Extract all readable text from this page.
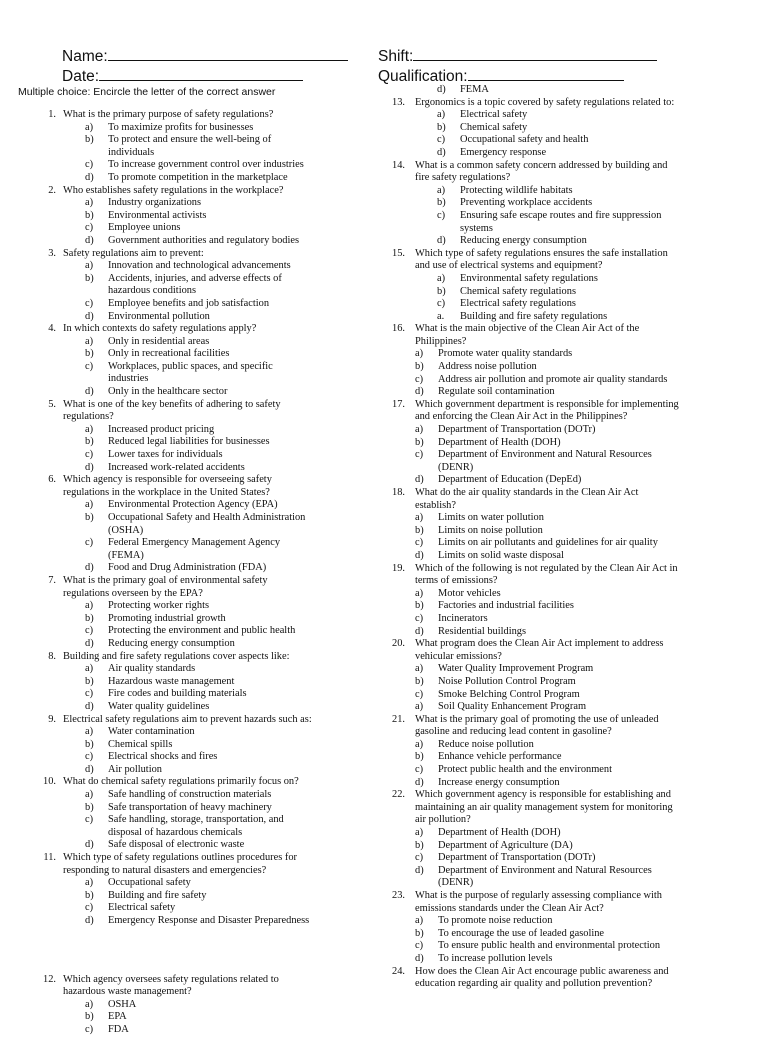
Name:	Shift:
Date:	Qualification:
Multiple choice: Encircle the letter of the correct answer
1. What is the primary purpose of safety regulations?
a)	To maximize profits for businesses
b)	To protect and ensure the well-being of individuals
c)	To increase government control over industries
d)	To promote competition in the marketplace
2. Who establishes safety regulations in the workplace?
a)	Industry organizations
b)	Environmental activists
c)	Employee unions
d)	Government authorities and regulatory bodies
3. Safety regulations aim to prevent:
a)	Innovation and technological advancements
b)	Accidents, injuries, and adverse effects of hazardous conditions
c)	Employee benefits and job satisfaction
d)	Environmental pollution
4. In which contexts do safety regulations apply?
a)	Only in residential areas
b)	Only in recreational facilities
c)	Workplaces, public spaces, and specific industries
d)	Only in the healthcare sector
5. What is one of the key benefits of adhering to safety regulations?
a)	Increased product pricing
b)	Reduced legal liabilities for businesses
c)	Lower taxes for individuals
d)	Increased work-related accidents
6. Which agency is responsible for overseeing safety regulations in the workplace in the United States?
a)	Environmental Protection Agency (EPA)
b)	Occupational Safety and Health Administration (OSHA)
c)	Federal Emergency Management Agency (FEMA)
d)	Food and Drug Administration (FDA)
7. What is the primary goal of environmental safety regulations overseen by the EPA?
a)	Protecting worker rights
b)	Promoting industrial growth
c)	Protecting the environment and public health
d)	Reducing energy consumption
8. Building and fire safety regulations cover aspects like:
a)	Air quality standards
b)	Hazardous waste management
c)	Fire codes and building materials
d)	Water quality guidelines
9. Electrical safety regulations aim to prevent hazards such as:
a)	Water contamination
b)	Chemical spills
c)	Electrical shocks and fires
d)	Air pollution
10. What do chemical safety regulations primarily focus on?
a)	Safe handling of construction materials
b)	Safe transportation of heavy machinery
c)	Safe handling, storage, transportation, and disposal of hazardous chemicals
d)	Safe disposal of electronic waste
11. Which type of safety regulations outlines procedures for responding to natural disasters and emergencies?
a)	Occupational safety
b)	Building and fire safety
c)	Electrical safety
d)	Emergency Response and Disaster Preparedness
12. Which agency oversees safety regulations related to hazardous waste management?
a)	OSHA
b)	EPA
c)	FDA
d)	FEMA
13. Ergonomics is a topic covered by safety regulations related to:
a)	Electrical safety
b)	Chemical safety
c)	Occupational safety and health
d)	Emergency response
14. What is a common safety concern addressed by building and fire safety regulations?
a)	Protecting wildlife habitats
b)	Preventing workplace accidents
c)	Ensuring safe escape routes and fire suppression systems
d)	Reducing energy consumption
15. Which type of safety regulations ensures the safe installation and use of electrical systems and equipment?
a)	Environmental safety regulations
b)	Chemical safety regulations
c)	Electrical safety regulations
a.	Building and fire safety regulations
16. What is the main objective of the Clean Air Act of the Philippines?
a)	Promote water quality standards
b)	Address noise pollution
c)	Address air pollution and promote air quality standards
d)	Regulate soil contamination
17. Which government department is responsible for implementing and enforcing the Clean Air Act in the Philippines?
a)	Department of Transportation (DOTr)
b)	Department of Health (DOH)
c)	Department of Environment and Natural Resources (DENR)
d)	Department of Education (DepEd)
18. What do the air quality standards in the Clean Air Act establish?
a)	Limits on water pollution
b)	Limits on noise pollution
c)	Limits on air pollutants and guidelines for air quality
d)	Limits on solid waste disposal
19. Which of the following is not regulated by the Clean Air Act in terms of emissions?
a)	Motor vehicles
b)	Factories and industrial facilities
c)	Incinerators
d)	Residential buildings
20. What program does the Clean Air Act implement to address vehicular emissions?
a)	Water Quality Improvement Program
b)	Noise Pollution Control Program
c)	Smoke Belching Control Program
a)	Soil Quality Enhancement Program
21. What is the primary goal of promoting the use of unleaded gasoline and reducing lead content in gasoline?
a)	Reduce noise pollution
b)	Enhance vehicle performance
c)	Protect public health and the environment
d)	Increase energy consumption
22. Which government agency is responsible for establishing and maintaining an air quality management system for monitoring air pollution?
a)	Department of Health (DOH)
b)	Department of Agriculture (DA)
c)	Department of Transportation (DOTr)
d)	Department of Environment and Natural Resources (DENR)
23. What is the purpose of regularly assessing compliance with emissions standards under the Clean Air Act?
a)	To promote noise reduction
b)	To encourage the use of leaded gasoline
c)	To ensure public health and environmental protection
d)	To increase pollution levels
24. How does the Clean Air Act encourage public awareness and education regarding air quality and pollution prevention?
